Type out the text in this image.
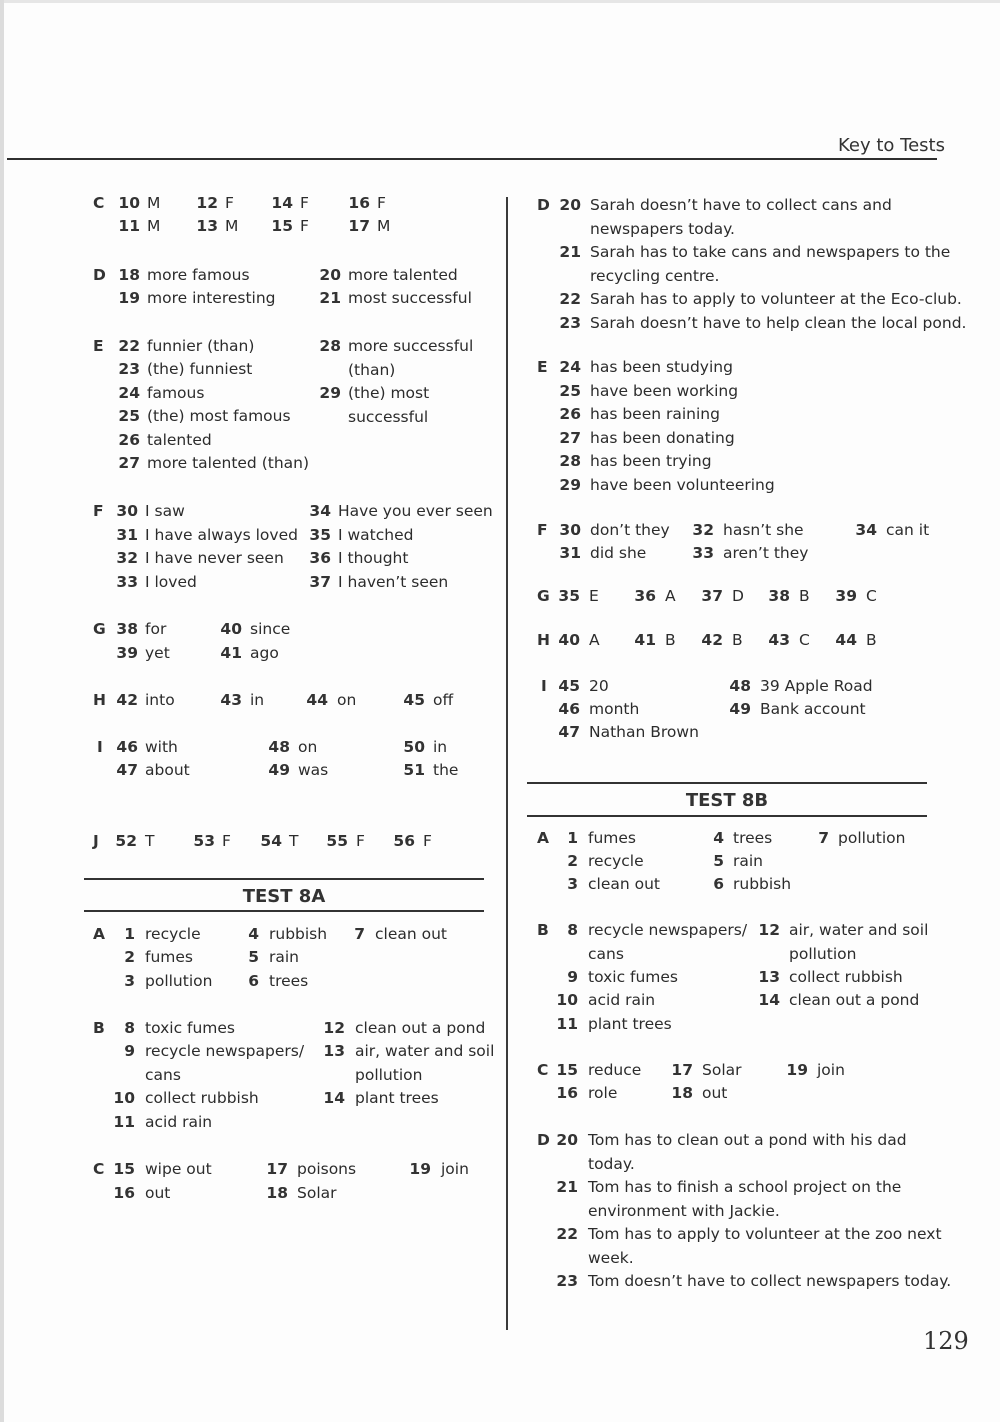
Key to Tests
C 10 M
11 M
12 F
13 M
14 F
15 F
16 F
17 M
D 18 more famous
19 more interesting
20 more talented
21 most successful
E 22 funnier (than)
23 (the) funniest
24 famous
25 (the) most famous
26 talented
27 more talented (than)
28 more successful
(than)
29 (the) most
successful
F 30 I saw
31 I have always loved
32 I have never seen
33 I loved
34 Have you ever seen
35 I watched
36 I thought
37 I haven’t seen
G 38 for
39 yet
40 since
41 ago
H 42 into	43 in	44 on	45 off
I 46 with
47 about
48 on
49 was
50 in
51 the
J	52 T	53 F	54 T	55 F	56 F
TEST 8A
A	1 recycle
2 fumes
3 pollution
4 rubbish
5 rain
6 trees
7 clean out
B	8 toxic fumes
9 recycle newspapers/
cans
10 collect rubbish
11 acid rain
12 clean out a pond
13 air, water and soil
pollution
14 plant trees
C 15 wipe out
16 out
17 poisons
18 Solar
19 join
D 20 Sarah doesn’t have to collect cans and
newspapers today.
21 Sarah has to take cans and newspapers to the
recycling centre.
22 Sarah has to apply to volunteer at the Eco-club.
23 Sarah doesn’t have to help clean the local pond.
E 24 has been studying
25 have been working
26 has been raining
27 has been donating
28 has been trying
29 have been volunteering
F 30 don’t they
31 did she
32 hasn’t she
33 aren’t they
34 can it
G 35 E	36 A	37 D	38 B	39 C
H 40 A	41 B	42 B	43 C	44 B
I 45 20
46 month
47 Nathan Brown
48 39 Apple Road
49 Bank account
TEST 8B
A	1 fumes
2 recycle
3 clean out
4 trees
5 rain
6 rubbish
7 pollution
B	8 recycle newspapers/
cans
9 toxic fumes
10 acid rain
11 plant trees
12 air, water and soil
pollution
13 collect rubbish
14 clean out a pond
C 15 reduce
16 role
17 Solar
18 out
19 join
D 20 Tom has to clean out a pond with his dad
today.
21 Tom has to finish a school project on the
environment with Jackie.
22 Tom has to apply to volunteer at the zoo next
week.
23 Tom doesn’t have to collect newspapers today.
129
